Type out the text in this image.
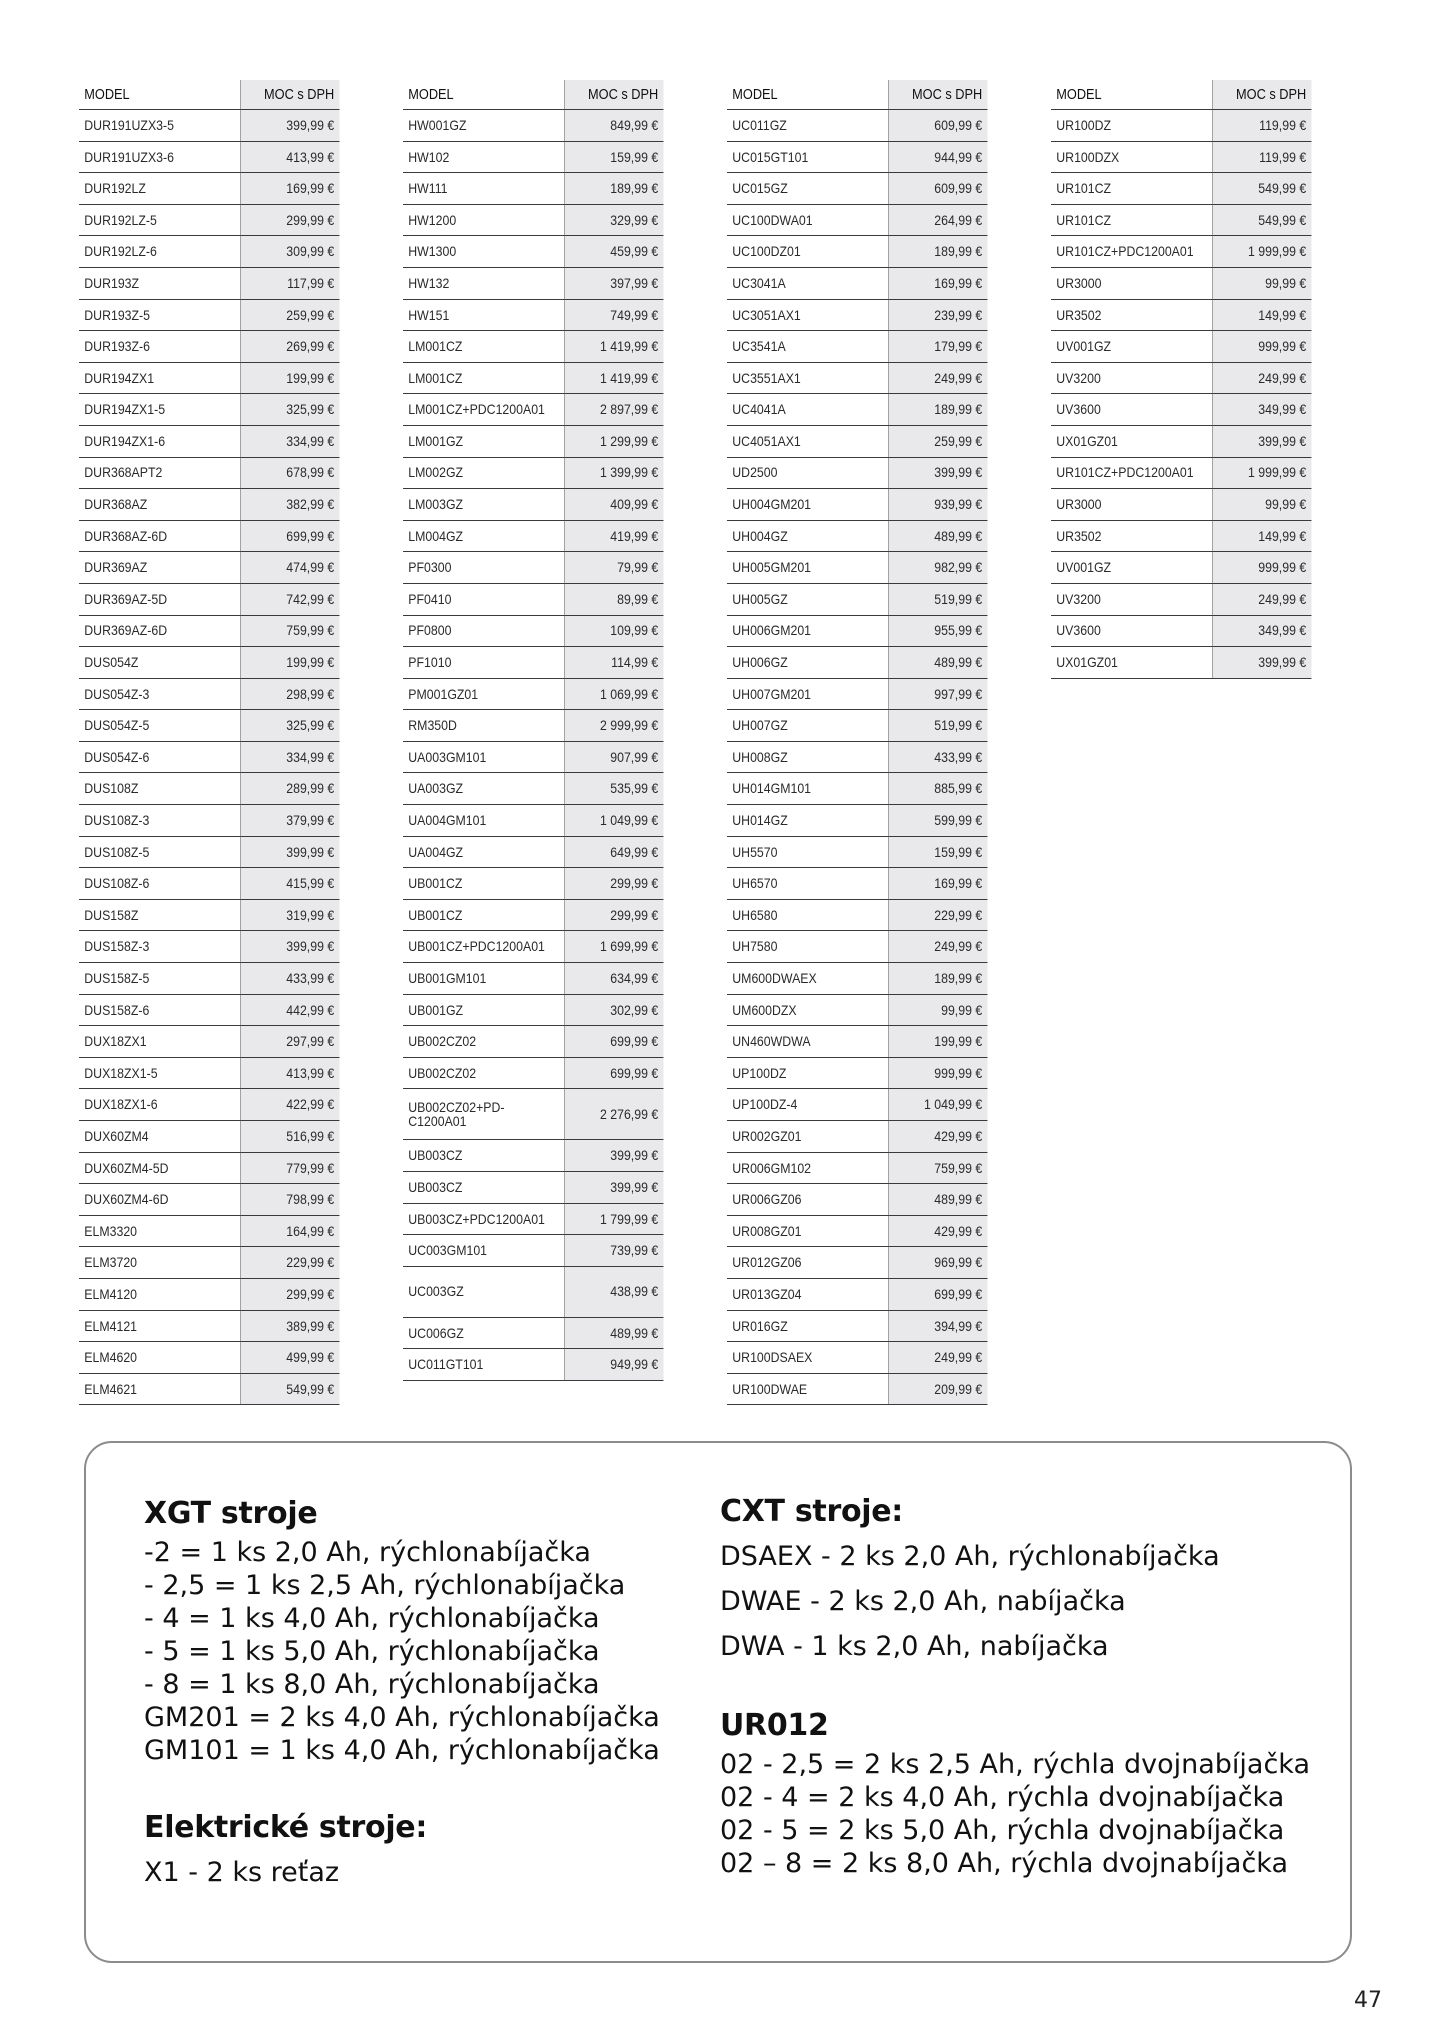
MODEL	MOC s DPH
DUR191UZX3-5	399,99 €
DUR191UZX3-6	413,99 €
DUR192LZ	169,99 €
DUR192LZ-5	299,99 €
DUR192LZ-6	309,99 €
DUR193Z	117,99 €
DUR193Z-5	259,99 €
DUR193Z-6	269,99 €
DUR194ZX1	199,99 €
DUR194ZX1-5	325,99 €
DUR194ZX1-6	334,99 €
DUR368APT2	678,99 €
DUR368AZ	382,99 €
DUR368AZ-6D	699,99 €
DUR369AZ	474,99 €
DUR369AZ-5D	742,99 €
DUR369AZ-6D	759,99 €
DUS054Z	199,99 €
DUS054Z-3	298,99 €
DUS054Z-5	325,99 €
DUS054Z-6	334,99 €
DUS108Z	289,99 €
DUS108Z-3	379,99 €
DUS108Z-5	399,99 €
DUS108Z-6	415,99 €
DUS158Z	319,99 €
DUS158Z-3	399,99 €
DUS158Z-5	433,99 €
DUS158Z-6	442,99 €
DUX18ZX1	297,99 €
DUX18ZX1-5	413,99 €
DUX18ZX1-6	422,99 €
DUX60ZM4	516,99 €
DUX60ZM4-5D	779,99 €
DUX60ZM4-6D	798,99 €
ELM3320	164,99 €
ELM3720	229,99 €
ELM4120	299,99 €
ELM4121	389,99 €
ELM4620	499,99 €
ELM4621	549,99 €
MODEL	MOC s DPH
HW001GZ	849,99 €
HW102	159,99 €
HW111	189,99 €
HW1200	329,99 €
HW1300	459,99 €
HW132	397,99 €
HW151	749,99 €
LM001CZ	1 419,99 €
LM001CZ	1 419,99 €
LM001CZ+PDC1200A01	2 897,99 €
LM001GZ	1 299,99 €
LM002GZ	1 399,99 €
LM003GZ	409,99 €
LM004GZ	419,99 €
PF0300	79,99 €
PF0410	89,99 €
PF0800	109,99 €
PF1010	114,99 €
PM001GZ01	1 069,99 €
RM350D	2 999,99 €
UA003GM101	907,99 €
UA003GZ	535,99 €
UA004GM101	1 049,99 €
UA004GZ	649,99 €
UB001CZ	299,99 €
UB001CZ	299,99 €
UB001CZ+PDC1200A01	1 699,99 €
UB001GM101	634,99 €
UB001GZ	302,99 €
UB002CZ02	699,99 €
UB002CZ02	699,99 €
UB002CZ02+PD-C1200A01	2 276,99 €
UB003CZ	399,99 €
UB003CZ	399,99 €
UB003CZ+PDC1200A01	1 799,99 €
UC003GM101	739,99 €
UC003GZ	438,99 €
UC006GZ	489,99 €
UC011GT101	949,99 €
MODEL	MOC s DPH
UC011GZ	609,99 €
UC015GT101	944,99 €
UC015GZ	609,99 €
UC100DWA01	264,99 €
UC100DZ01	189,99 €
UC3041A	169,99 €
UC3051AX1	239,99 €
UC3541A	179,99 €
UC3551AX1	249,99 €
UC4041A	189,99 €
UC4051AX1	259,99 €
UD2500	399,99 €
UH004GM201	939,99 €
UH004GZ	489,99 €
UH005GM201	982,99 €
UH005GZ	519,99 €
UH006GM201	955,99 €
UH006GZ	489,99 €
UH007GM201	997,99 €
UH007GZ	519,99 €
UH008GZ	433,99 €
UH014GM101	885,99 €
UH014GZ	599,99 €
UH5570	159,99 €
UH6570	169,99 €
UH6580	229,99 €
UH7580	249,99 €
UM600DWAEX	189,99 €
UM600DZX	99,99 €
UN460WDWA	199,99 €
UP100DZ	999,99 €
UP100DZ-4	1 049,99 €
UR002GZ01	429,99 €
UR006GM102	759,99 €
UR006GZ06	489,99 €
UR008GZ01	429,99 €
UR012GZ06	969,99 €
UR013GZ04	699,99 €
UR016GZ	394,99 €
UR100DSAEX	249,99 €
UR100DWAE	209,99 €
MODEL	MOC s DPH
UR100DZ	119,99 €
UR100DZX	119,99 €
UR101CZ	549,99 €
UR101CZ	549,99 €
UR101CZ+PDC1200A01	1 999,99 €
UR3000	99,99 €
UR3502	149,99 €
UV001GZ	999,99 €
UV3200	249,99 €
UV3600	349,99 €
UX01GZ01	399,99 €
UR101CZ+PDC1200A01	1 999,99 €
UR3000	99,99 €
UR3502	149,99 €
UV001GZ	999,99 €
UV3200	249,99 €
UV3600	349,99 €
UX01GZ01	399,99 €
XGT stroje
-2 = 1 ks 2,0 Ah, rýchlonabíjačka
- 2,5 = 1 ks 2,5 Ah, rýchlonabíjačka
- 4 = 1 ks 4,0 Ah, rýchlonabíjačka
- 5 = 1 ks 5,0 Ah, rýchlonabíjačka
- 8 = 1 ks 8,0 Ah, rýchlonabíjačka
GM201 = 2 ks 4,0 Ah, rýchlonabíjačka
GM101 = 1 ks 4,0 Ah, rýchlonabíjačka
Elektrické stroje:
X1 - 2 ks reťaz
CXT stroje:
DSAEX - 2 ks 2,0 Ah, rýchlonabíjačka
DWAE - 2 ks 2,0 Ah, nabíjačka
DWA - 1 ks 2,0 Ah, nabíjačka
UR012
02 - 2,5 = 2 ks 2,5 Ah, rýchla dvojnabíjačka
02 - 4 = 2 ks 4,0 Ah, rýchla dvojnabíjačka
02 - 5 = 2 ks 5,0 Ah, rýchla dvojnabíjačka
02 – 8 = 2 ks 8,0 Ah, rýchla dvojnabíjačka
47
